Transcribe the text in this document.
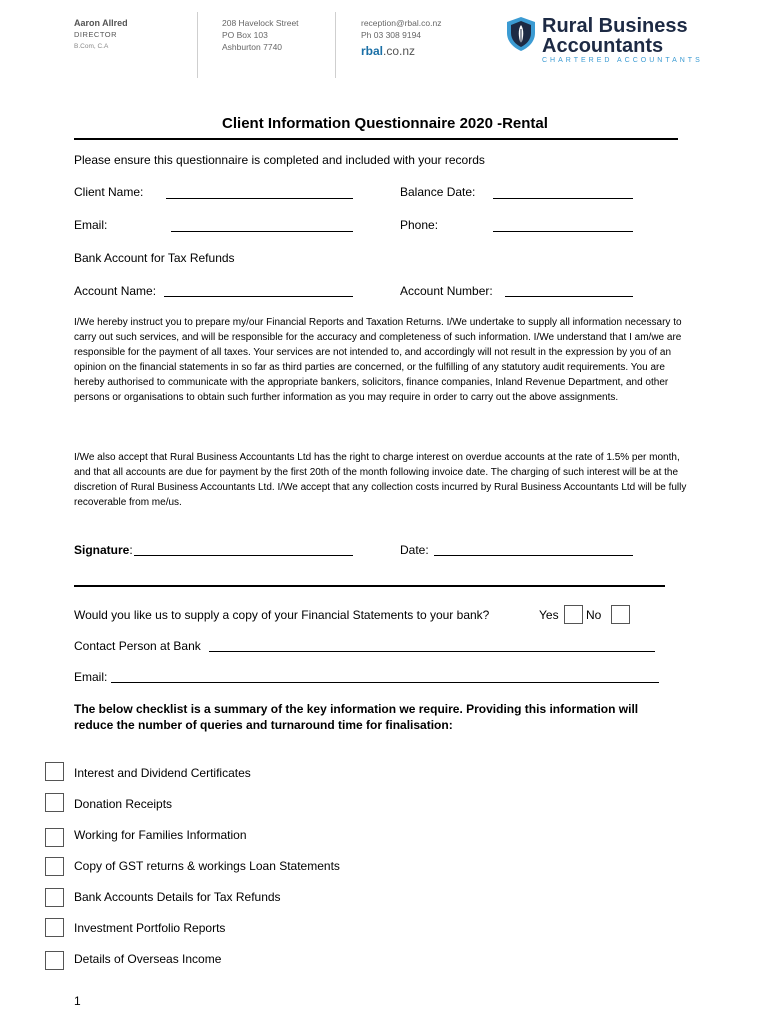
Aaron Allred
DIRECTOR
B.Com, C.A
208 Havelock Street
PO Box 103
Ashburton 7740
reception@rbal.co.nz
Ph 03 308 9194
rbal.co.nz
Rural Business
Accountants
CHARTERED ACCOUNTANTS
Client Information Questionnaire 2020 -Rental
Please ensure this questionnaire is completed and included with your records
Client Name:	Balance Date:
Email:	Phone:
Bank Account for Tax Refunds
Account Name:	Account Number:
I/We hereby instruct you to prepare my/our Financial Reports and Taxation Returns. I/We undertake to supply all information necessary to carry out such services, and will be responsible for the accuracy and completeness of such information. I/We understand that I am/we are responsible for the payment of all taxes. Your services are not intended to, and accordingly will not result in the expression by you of an opinion on the financial statements in so far as third parties are concerned, or the fulfilling of any statutory audit requirements. You are hereby authorised to communicate with the appropriate bankers, solicitors, finance companies, Inland Revenue Department, and other persons or organisations to obtain such further information as you may require in order to carry out the above assignments.
I/We also accept that Rural Business Accountants Ltd has the right to charge interest on overdue accounts at the rate of 1.5% per month, and that all accounts are due for payment by the first 20th of the month following invoice date. The charging of such interest will be at the discretion of Rural Business Accountants Ltd. I/We accept that any collection costs incurred by Rural Business Accountants Ltd will be fully recoverable from me/us.
Signature:	Date:
Would you like us to supply a copy of your Financial Statements to your bank?	Yes No
Contact Person at Bank
Email:
The below checklist is a summary of the key information we require. Providing this information will reduce the number of queries and turnaround time for finalisation:
Interest and Dividend Certificates
Donation Receipts
Working for Families Information
Copy of GST returns & workings Loan Statements
Bank Accounts Details for Tax Refunds
Investment Portfolio Reports
Details of Overseas Income
1
